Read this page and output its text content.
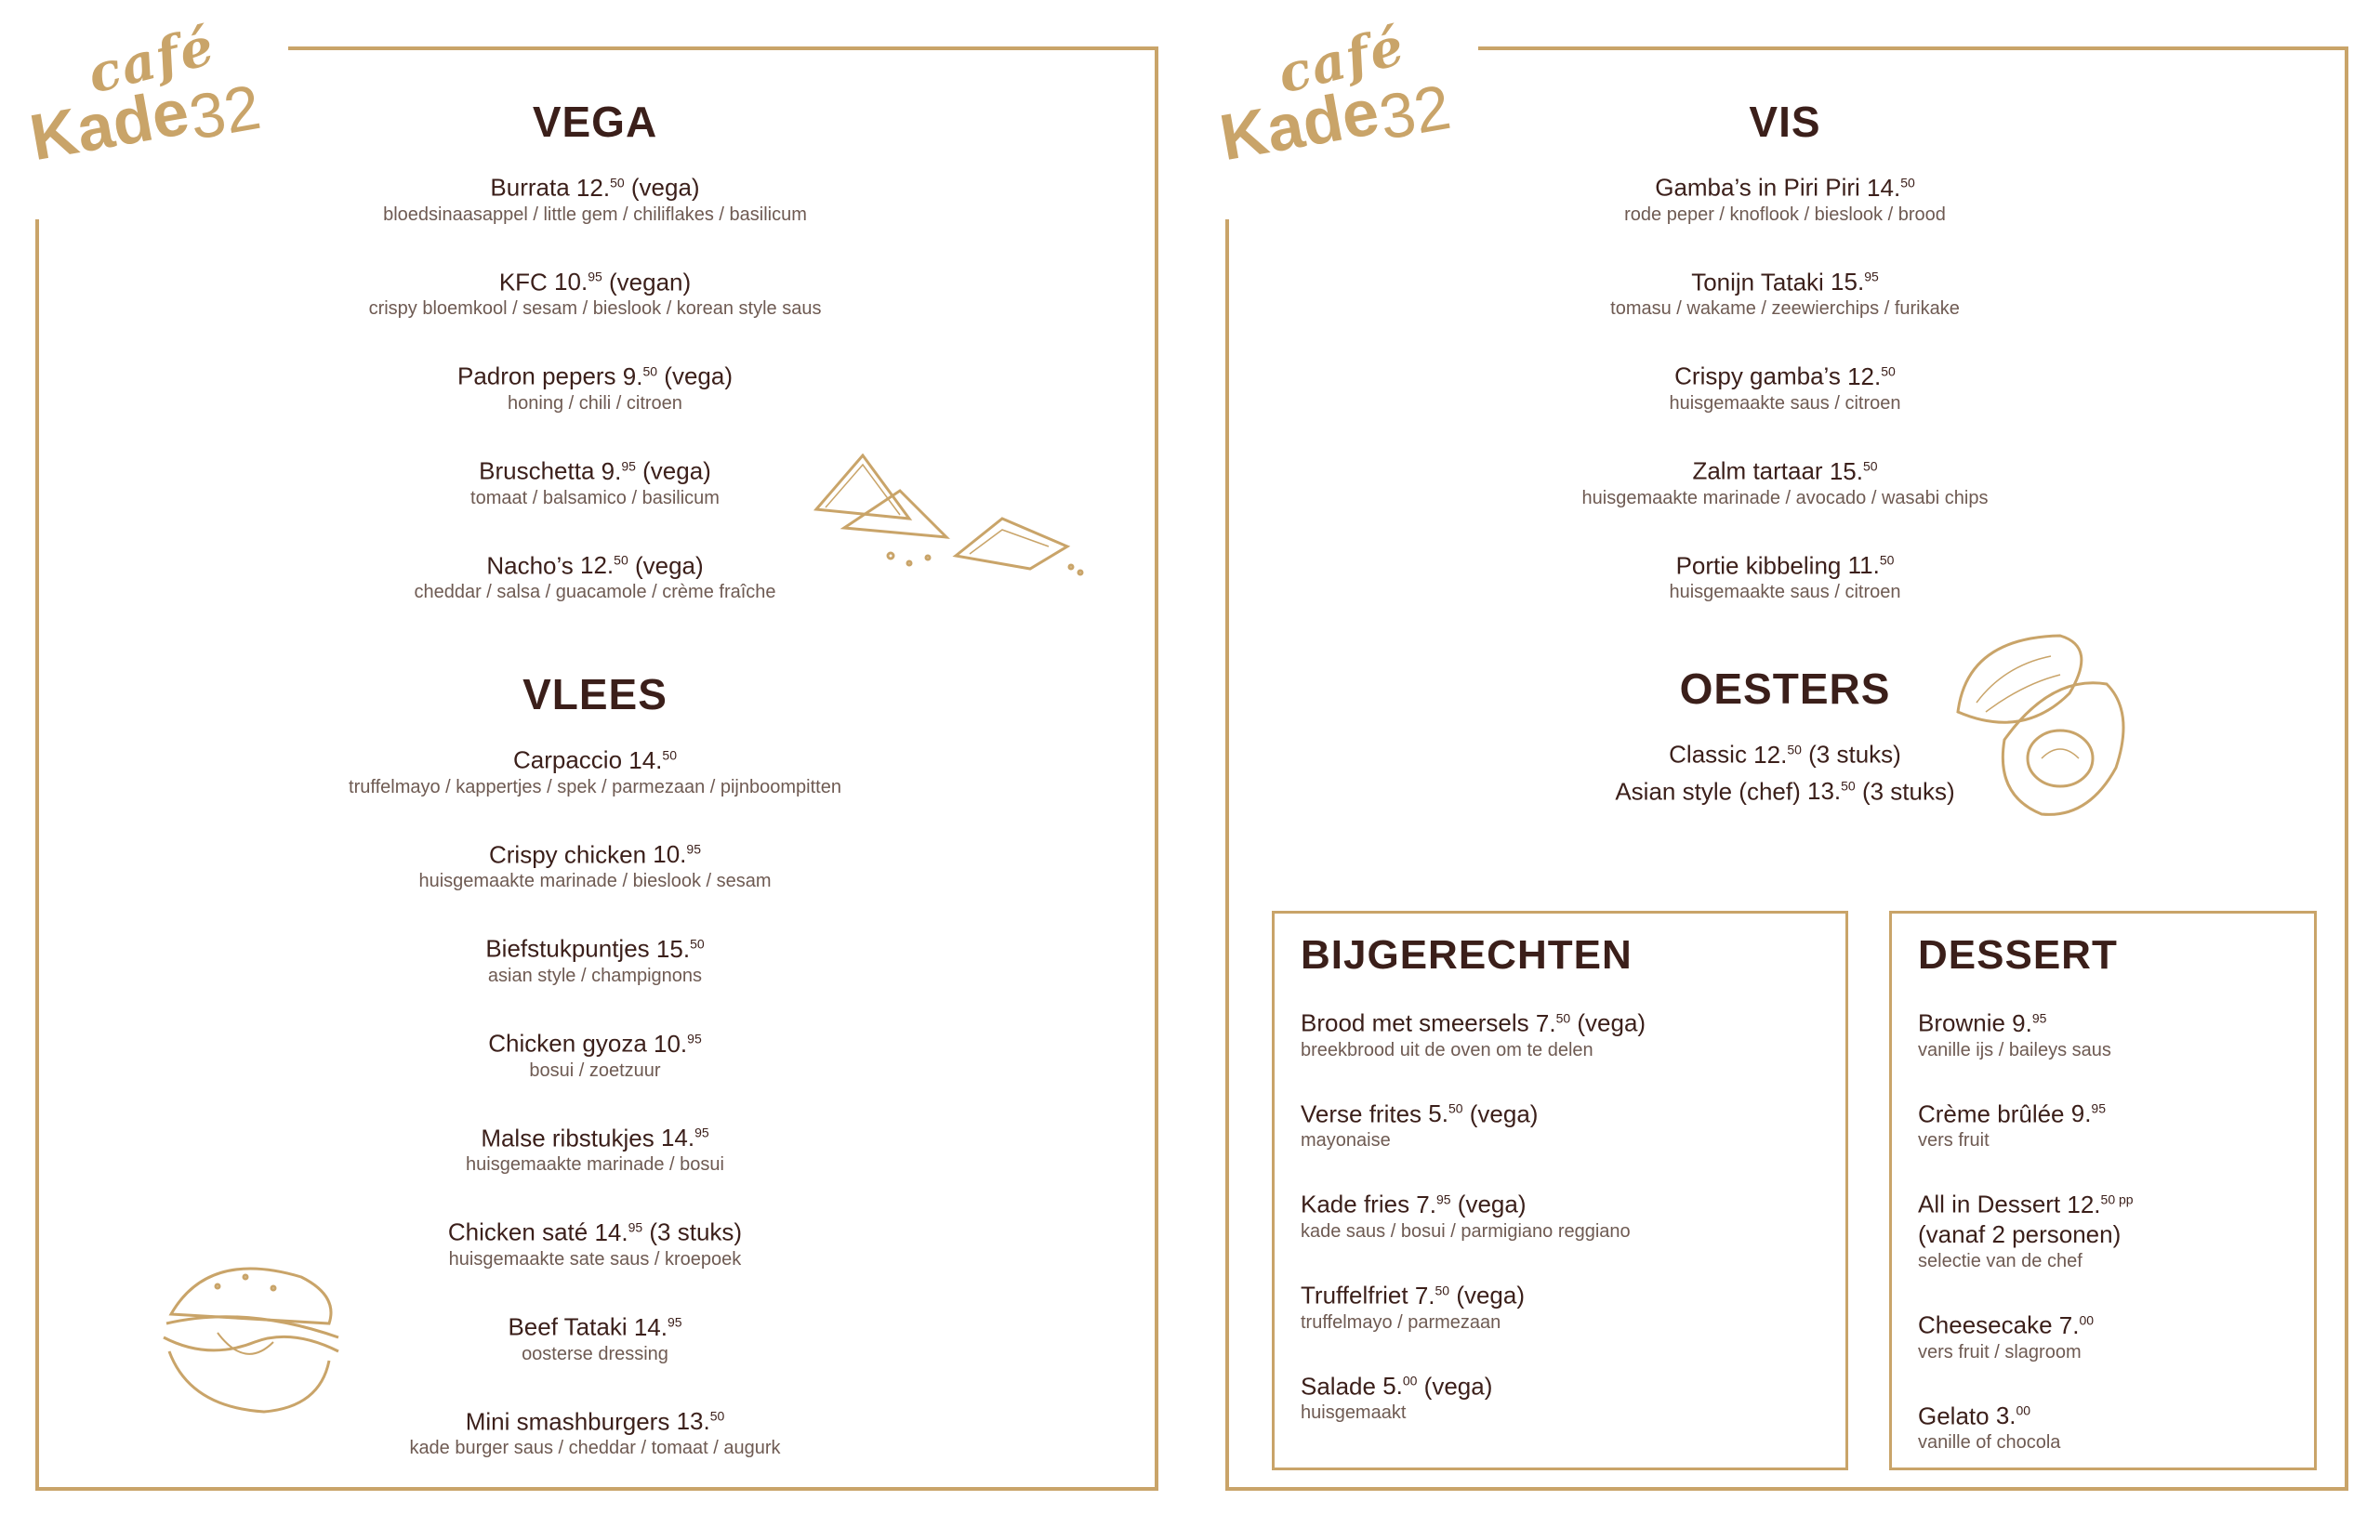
café
Kade
32	VEGA
Burrata 12.50 (vega)
bloedsinaasappel / little gem / chiliflakes / basilicum
KFC 10.95 (vegan)
crispy bloemkool / sesam / bieslook / korean style saus
Padron pepers 9.50 (vega)
honing / chili / citroen
Bruschetta 9.95 (vega)
tomaat / balsamico / basilicum
Nacho’s 12.50 (vega)
cheddar / salsa / guacamole / crème fraîche
VLEES
Carpaccio 14.50
truffelmayo / kappertjes / spek / parmezaan / pijnboompitten
Crispy chicken 10.95
huisgemaakte marinade / bieslook / sesam
Biefstukpuntjes 15.50
asian style / champignons
Chicken gyoza 10.95
bosui / zoetzuur
Malse ribstukjes 14.95
huisgemaakte marinade / bosui
Chicken saté 14.95 (3 stuks)
huisgemaakte sate saus / kroepoek
Beef Tataki 14.95
oosterse dressing
Mini smashburgers 13.50
kade burger saus / cheddar / tomaat / augurk
café
Kade
32	VIS
Gamba’s in Piri Piri 14.50
rode peper / knoflook / bieslook / brood
Tonijn Tataki 15.95
tomasu / wakame / zeewierchips / furikake
Crispy gamba’s 12.50
huisgemaakte saus / citroen
Zalm tartaar 15.50
huisgemaakte marinade / avocado / wasabi chips
Portie kibbeling 11.50
huisgemaakte saus / citroen
OESTERS
Classic 12.50 (3 stuks)
Asian style (chef) 13.50 (3 stuks)
BIJGERECHTEN
Brood met smeersels 7.50 (vega)
breekbrood uit de oven om te delen
Verse frites 5.50 (vega)
mayonaise
Kade fries 7.95 (vega)
kade saus / bosui / parmigiano reggiano
Truffelfriet 7.50 (vega)
truffelmayo / parmezaan
Salade 5.00 (vega)
huisgemaakt
DESSERT
Brownie 9.95
vanille ijs / baileys saus
Crème brûlée 9.95
vers fruit
All in Dessert 12.$^{50 pp}$
(vanaf 2 personen)
selectie van de chef
Cheesecake 7.00
vers fruit / slagroom
Gelato 3.00
vanille of chocola
